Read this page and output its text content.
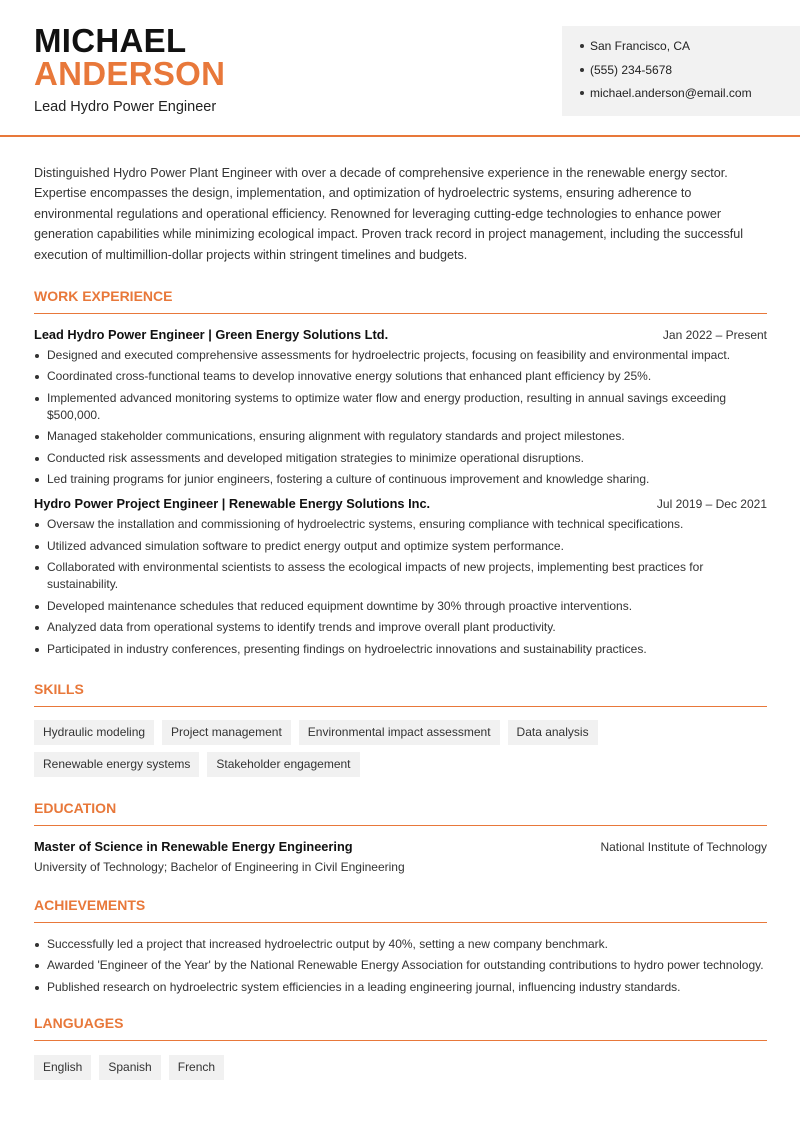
MICHAEL
ANDERSON
Lead Hydro Power Engineer
San Francisco, CA
(555) 234-5678
michael.anderson@email.com

Distinguished Hydro Power Plant Engineer with over a decade of comprehensive experience in the renewable energy sector. Expertise encompasses the design, implementation, and optimization of hydroelectric systems, ensuring adherence to environmental regulations and operational efficiency. Renowned for leveraging cutting-edge technologies to enhance power generation capabilities while minimizing ecological impact. Proven track record in project management, including the successful execution of multimillion-dollar projects within stringent timelines and budgets.

WORK EXPERIENCE
Lead Hydro Power Engineer | Green Energy Solutions Ltd.	Jan 2022 – Present
Designed and executed comprehensive assessments for hydroelectric projects, focusing on feasibility and environmental impact.
Coordinated cross-functional teams to develop innovative energy solutions that enhanced plant efficiency by 25%.
Implemented advanced monitoring systems to optimize water flow and energy production, resulting in annual savings exceeding $500,000.
Managed stakeholder communications, ensuring alignment with regulatory standards and project milestones.
Conducted risk assessments and developed mitigation strategies to minimize operational disruptions.
Led training programs for junior engineers, fostering a culture of continuous improvement and knowledge sharing.
Hydro Power Project Engineer | Renewable Energy Solutions Inc.	Jul 2019 – Dec 2021
Oversaw the installation and commissioning of hydroelectric systems, ensuring compliance with technical specifications.
Utilized advanced simulation software to predict energy output and optimize system performance.
Collaborated with environmental scientists to assess the ecological impacts of new projects, implementing best practices for sustainability.
Developed maintenance schedules that reduced equipment downtime by 30% through proactive interventions.
Analyzed data from operational systems to identify trends and improve overall plant productivity.
Participated in industry conferences, presenting findings on hydroelectric innovations and sustainability practices.
SKILLS
Hydraulic modeling	Project management	Environmental impact assessment	Data analysis
Renewable energy systems	Stakeholder engagement
EDUCATION
Master of Science in Renewable Energy Engineering	National Institute of Technology
University of Technology; Bachelor of Engineering in Civil Engineering
ACHIEVEMENTS
Successfully led a project that increased hydroelectric output by 40%, setting a new company benchmark.
Awarded 'Engineer of the Year' by the National Renewable Energy Association for outstanding contributions to hydro power technology.
Published research on hydroelectric system efficiencies in a leading engineering journal, influencing industry standards.
LANGUAGES
English	Spanish	French
